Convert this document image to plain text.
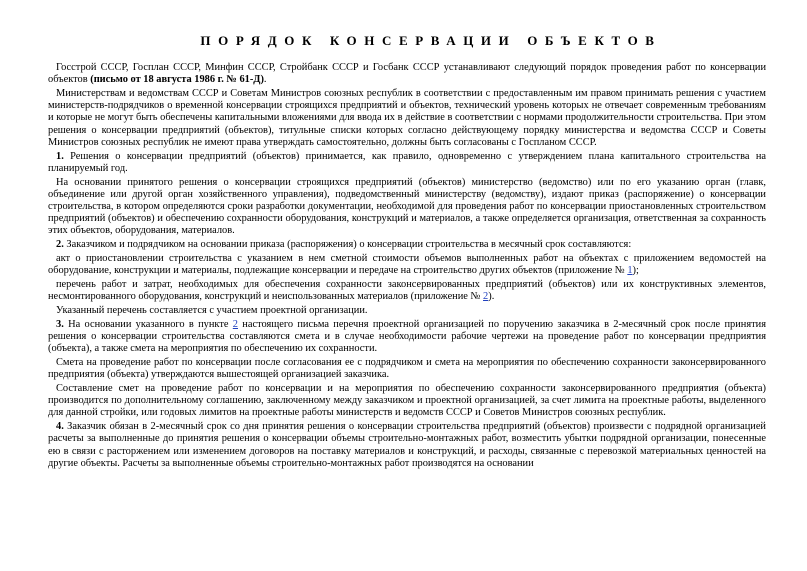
ПОРЯДОК КОНСЕРВАЦИИ ОБЪЕКТОВ

Госстрой СССР, Госплан СССР, Минфин СССР, Стройбанк СССР и Госбанк СССР устанавливают следующий порядок проведения работ по консервации объектов (письмо от 18 августа 1986 г. № 61-Д).

Министерствам и ведомствам СССР и Советам Министров союзных республик в соответствии с предоставленным им правом принимать решения с участием министерств-подрядчиков о временной консервации строящихся предприятий и объектов, технический уровень которых не отвечает современным требованиям и которые не могут быть обеспечены капитальными вложениями для ввода их в действие в соответствии с нормами продолжительности строительства. При этом решения о консервации предприятий (объектов), титульные списки которых согласно действующему порядку министерства и ведомства СССР и Советы Министров союзных республик не имеют права утверждать самостоятельно, должны быть согласованы с Госпланом СССР.

1. Решения о консервации предприятий (объектов) принимается, как правило, одновременно с утверждением плана капитального строительства на планируемый год.

На основании принятого решения о консервации строящихся предприятий (объектов) министерство (ведомство) или по его указанию орган (главк, объединение или другой орган хозяйственного управления), подведомственный министерству (ведомству), издают приказ (распоряжение) о консервации строительства, в котором определяются сроки разработки документации, необходимой для проведения работ по консервации приостановленных строительством предприятий (объектов) и обеспечению сохранности оборудования, конструкций и материалов, а также определяется организация, ответственная за сохранность этих объектов, оборудования, материалов.

2. Заказчиком и подрядчиком на основании приказа (распоряжения) о консервации строительства в месячный срок составляются:

акт о приостановлении строительства с указанием в нем сметной стоимости объемов выполненных работ на объектах с приложением ведомостей на оборудование, конструкции и материалы, подлежащие консервации и передаче на строительство других объектов (приложение № 1);

перечень работ и затрат, необходимых для обеспечения сохранности законсервированных предприятий (объектов) или их конструктивных элементов, несмонтированного оборудования, конструкций и неиспользованных материалов (приложение № 2).

Указанный перечень составляется с участием проектной организации.

3. На основании указанного в пункте 2 настоящего письма перечня проектной организацией по поручению заказчика в 2-месячный срок после принятия решения о консервации строительства составляются смета и в случае необходимости рабочие чертежи на проведение работ по консервации предприятия (объекта), а также смета на мероприятия по обеспечению их сохранности.

Смета на проведение работ по консервации после согласования ее с подрядчиком и смета на мероприятия по обеспечению сохранности законсервированного предприятия (объекта) утверждаются вышестоящей организацией заказчика.

Составление смет на проведение работ по консервации и на мероприятия по обеспечению сохранности законсервированного предприятия (объекта) производится по дополнительному соглашению, заключенному между заказчиком и проектной организацией, за счет лимита на проектные работы, выделенного для данной стройки, или годовых лимитов на проектные работы министерств и ведомств СССР и Советов Министров союзных республик.

4. Заказчик обязан в 2-месячный срок со дня принятия решения о консервации строительства предприятий (объектов) произвести с подрядной организацией расчеты за выполненные до принятия решения о консервации объемы строительно-монтажных работ, возместить убытки подрядной организации, понесенные ею в связи с расторжением или изменением договоров на поставку материалов и конструкций, и расходы, связанные с перевозкой материальных ценностей на другие объекты. Расчеты за выполненные объемы строительно-монтажных работ производятся на основании
